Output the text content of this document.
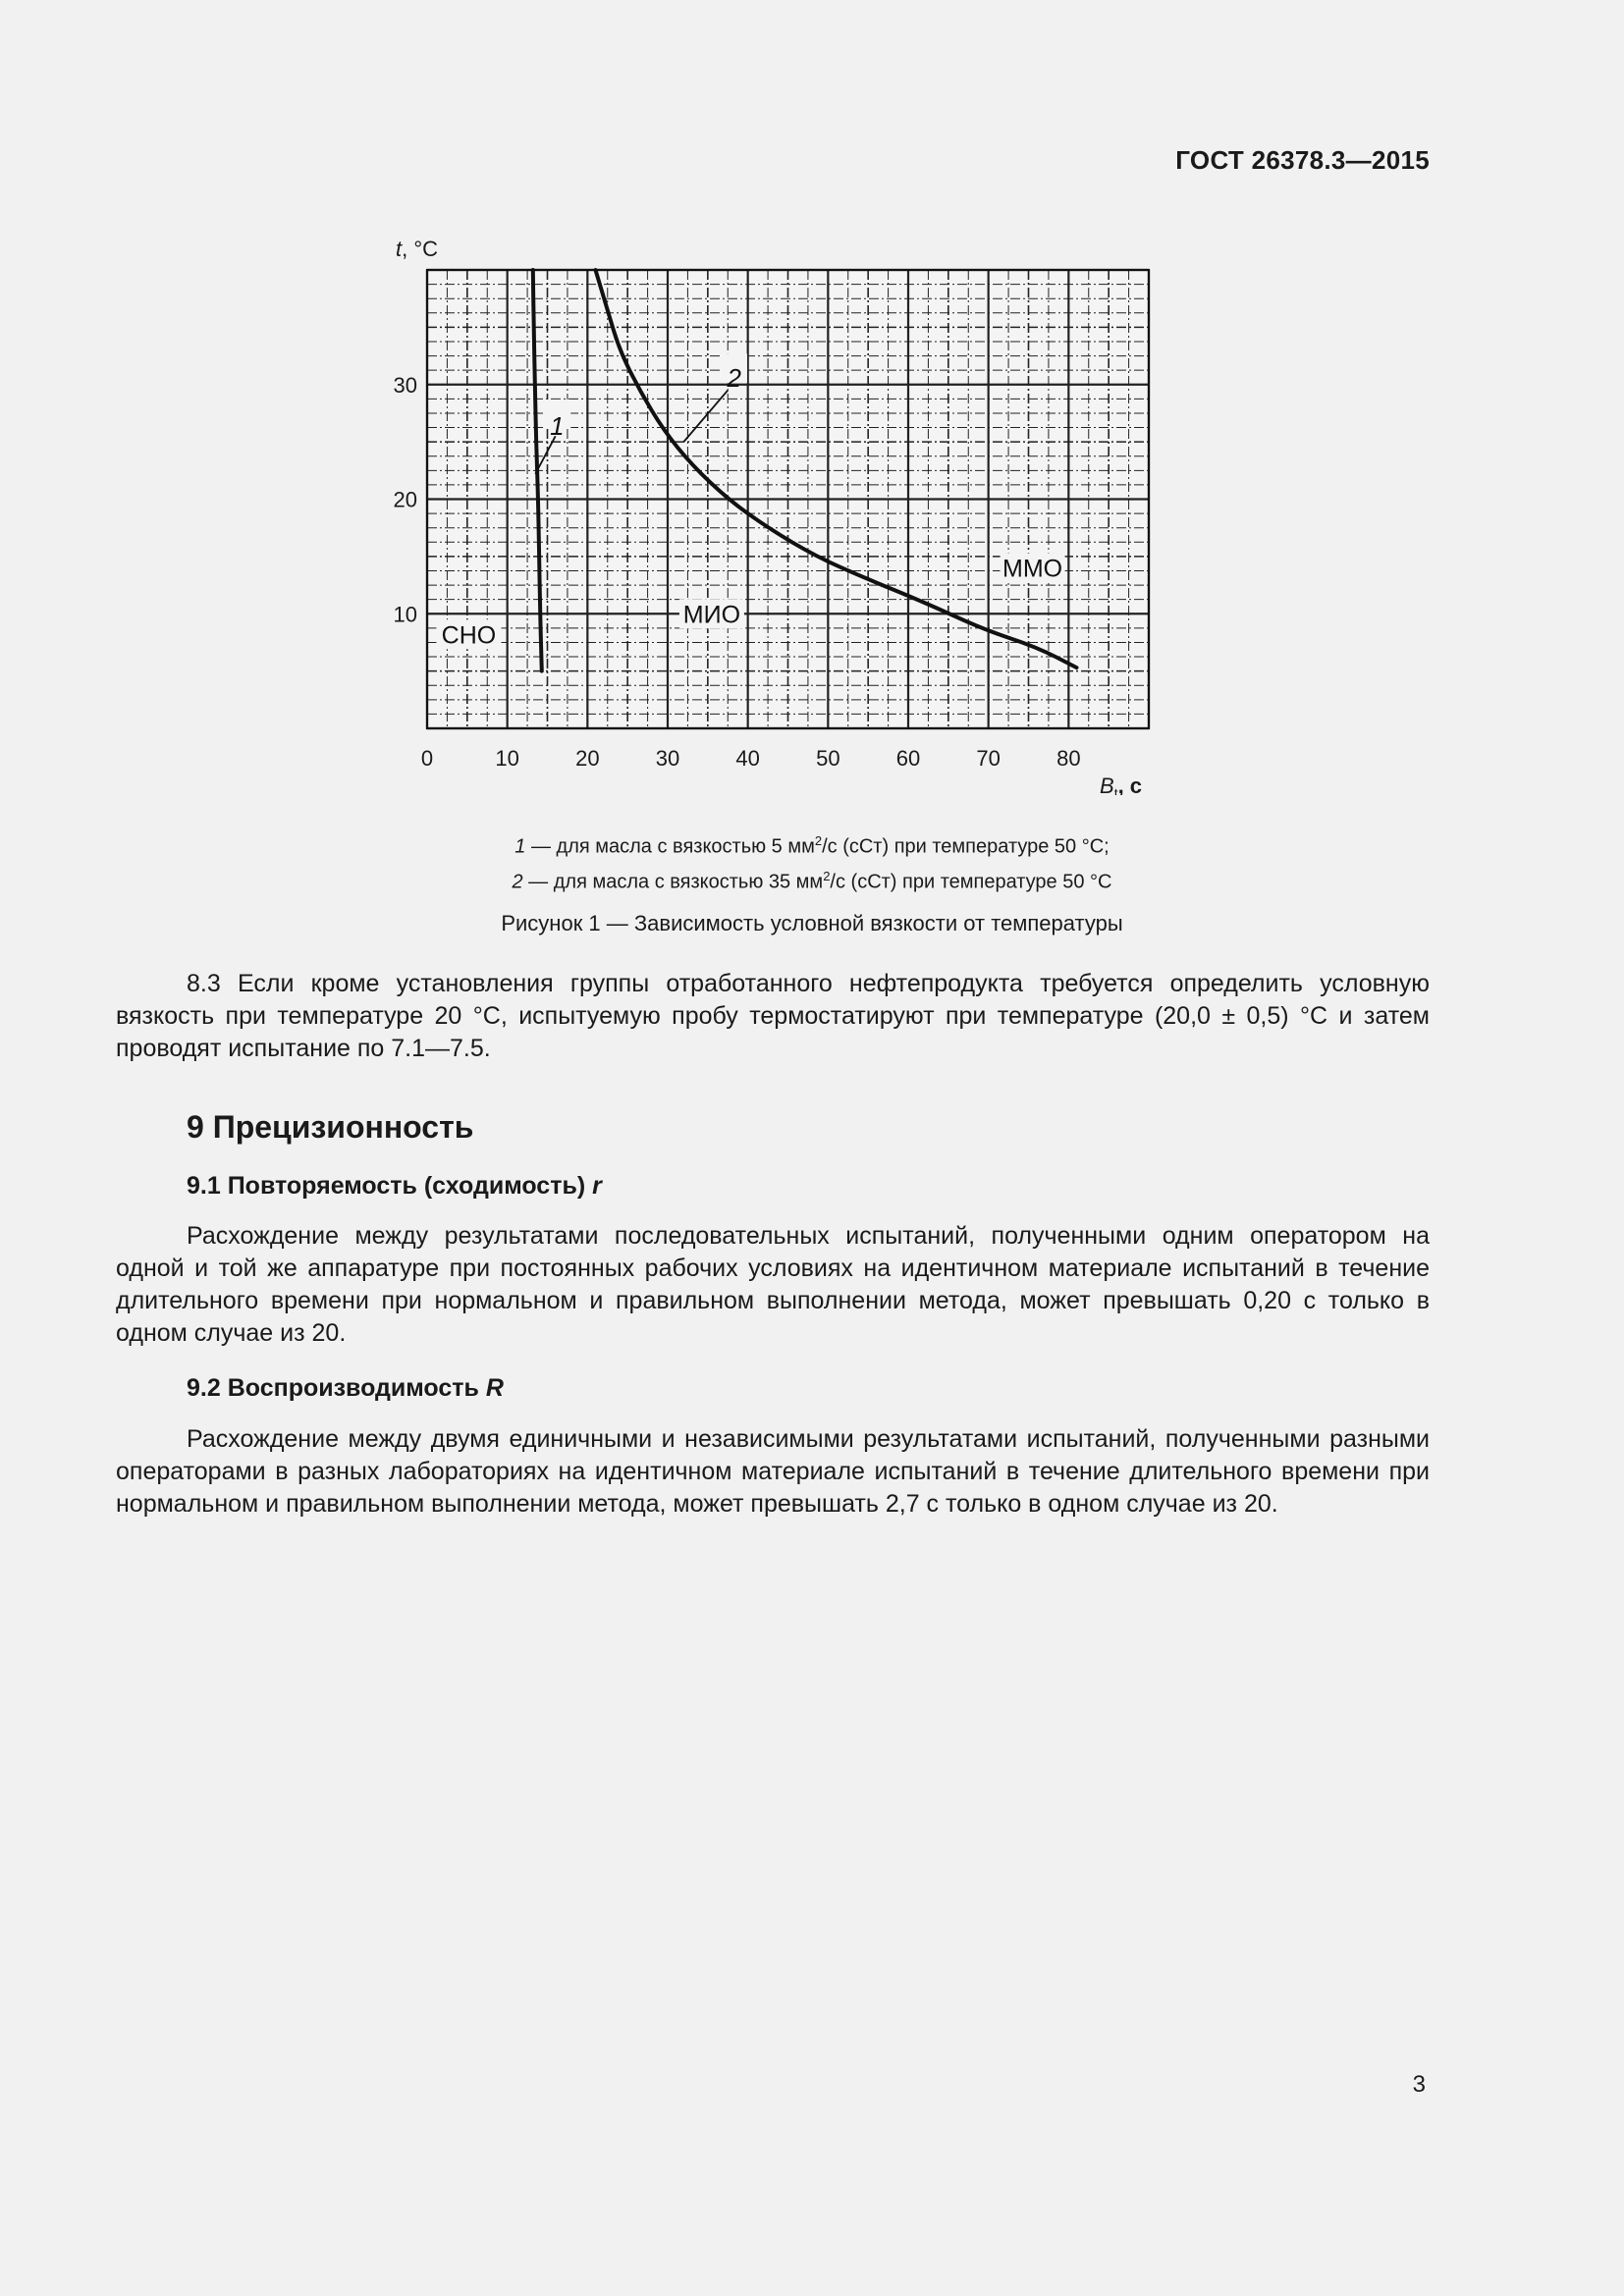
ГОСТ 26378.3—2015
0	10	20	30	40	50	60	70	80
10
20
30
t, °C
$B_t$, с
1
2
СНО
МИО
ММО
1 — для масла с вязкостью 5 $мм^2/с$ (сСт) при температуре 50 °С;
2 — для масла с вязкостью 35 $мм^2/с$ (сСт) при температуре 50 °С
Рисунок 1 — Зависимость условной вязкости от температуры
8.3 Если кроме установления группы отработанного нефтепродукта требуется определить условную вязкость при температуре 20 °C, испытуемую пробу термостатируют при температуре (20,0 ± 0,5) °C и затем проводят испытание по 7.1—7.5.
9 Прецизионность
9.1 Повторяемость (сходимость) r
Расхождение между результатами последовательных испытаний, полученными одним оператором на одной и той же аппаратуре при постоянных рабочих условиях на идентичном материале испытаний в течение длительного времени при нормальном и правильном выполнении метода, может превышать 0,20 с только в одном случае из 20.
9.2 Воспроизводимость R
Расхождение между двумя единичными и независимыми результатами испытаний, полученными разными операторами в разных лабораториях на идентичном материале испытаний в течение длительного времени при нормальном и правильном выполнении метода, может превышать 2,7 с только в одном случае из 20.
3
